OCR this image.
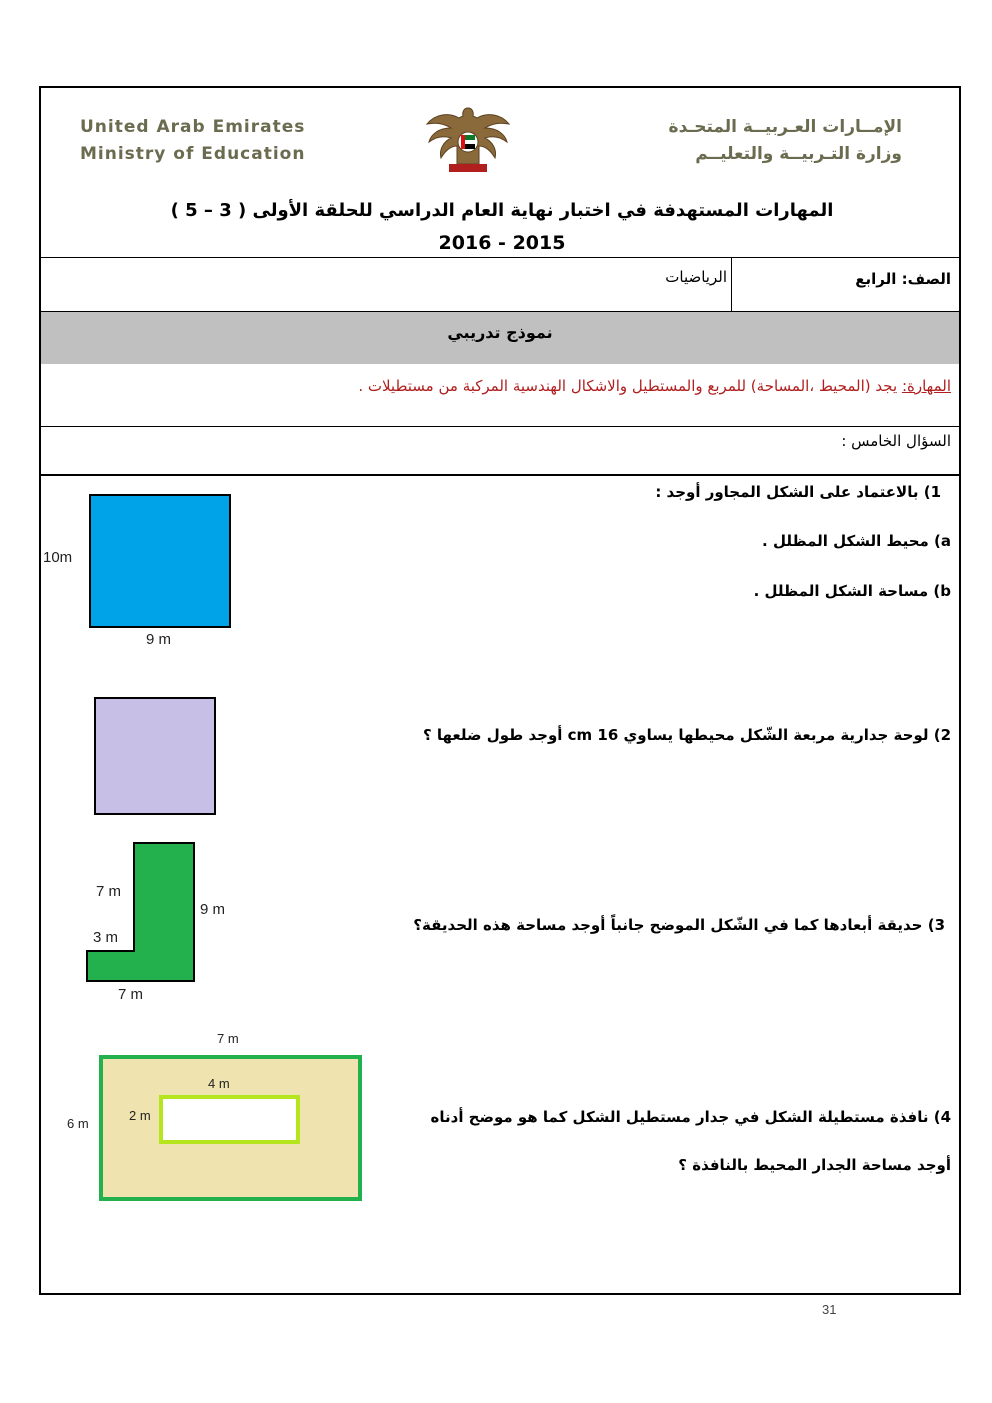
United Arab Emirates
Ministry of Education
الإمــارات العـربيــة المتحـدة
وزارة التـربيــة والتعليــم
المهارات المستهدفة في اختبار نهاية العام الدراسي للحلقة الأولى ( 3 – 5 )
2015 - 2016
الصف: الرابع
الرياضيات
نموذج تدريبي
المهارة: يجد (المحيط ،المساحة) للمربع والمستطيل والاشكال الهندسية المركبة من مستطيلات .
السؤال الخامس :
1) بالاعتماد على الشكل المجاور أوجد :
a) محيط الشكل المظلل .
b) مساحة الشكل المظلل .
2) لوحة جدارية مربعة الشّكل محيطها يساوي 16 cm أوجد طول ضلعها ؟
3) حديقة أبعادها كما في الشّكل الموضح جانباً أوجد مساحة هذه الحديقة؟
4) نافذة مستطيلة الشكل في جدار مستطيل الشكل كما هو موضح أدناه
أوجد مساحة الجدار المحيط بالنافذة ؟
10m
9 m
7 m
9 m
3 m
7 m
7 m
4 m
2 m
6 m
31
